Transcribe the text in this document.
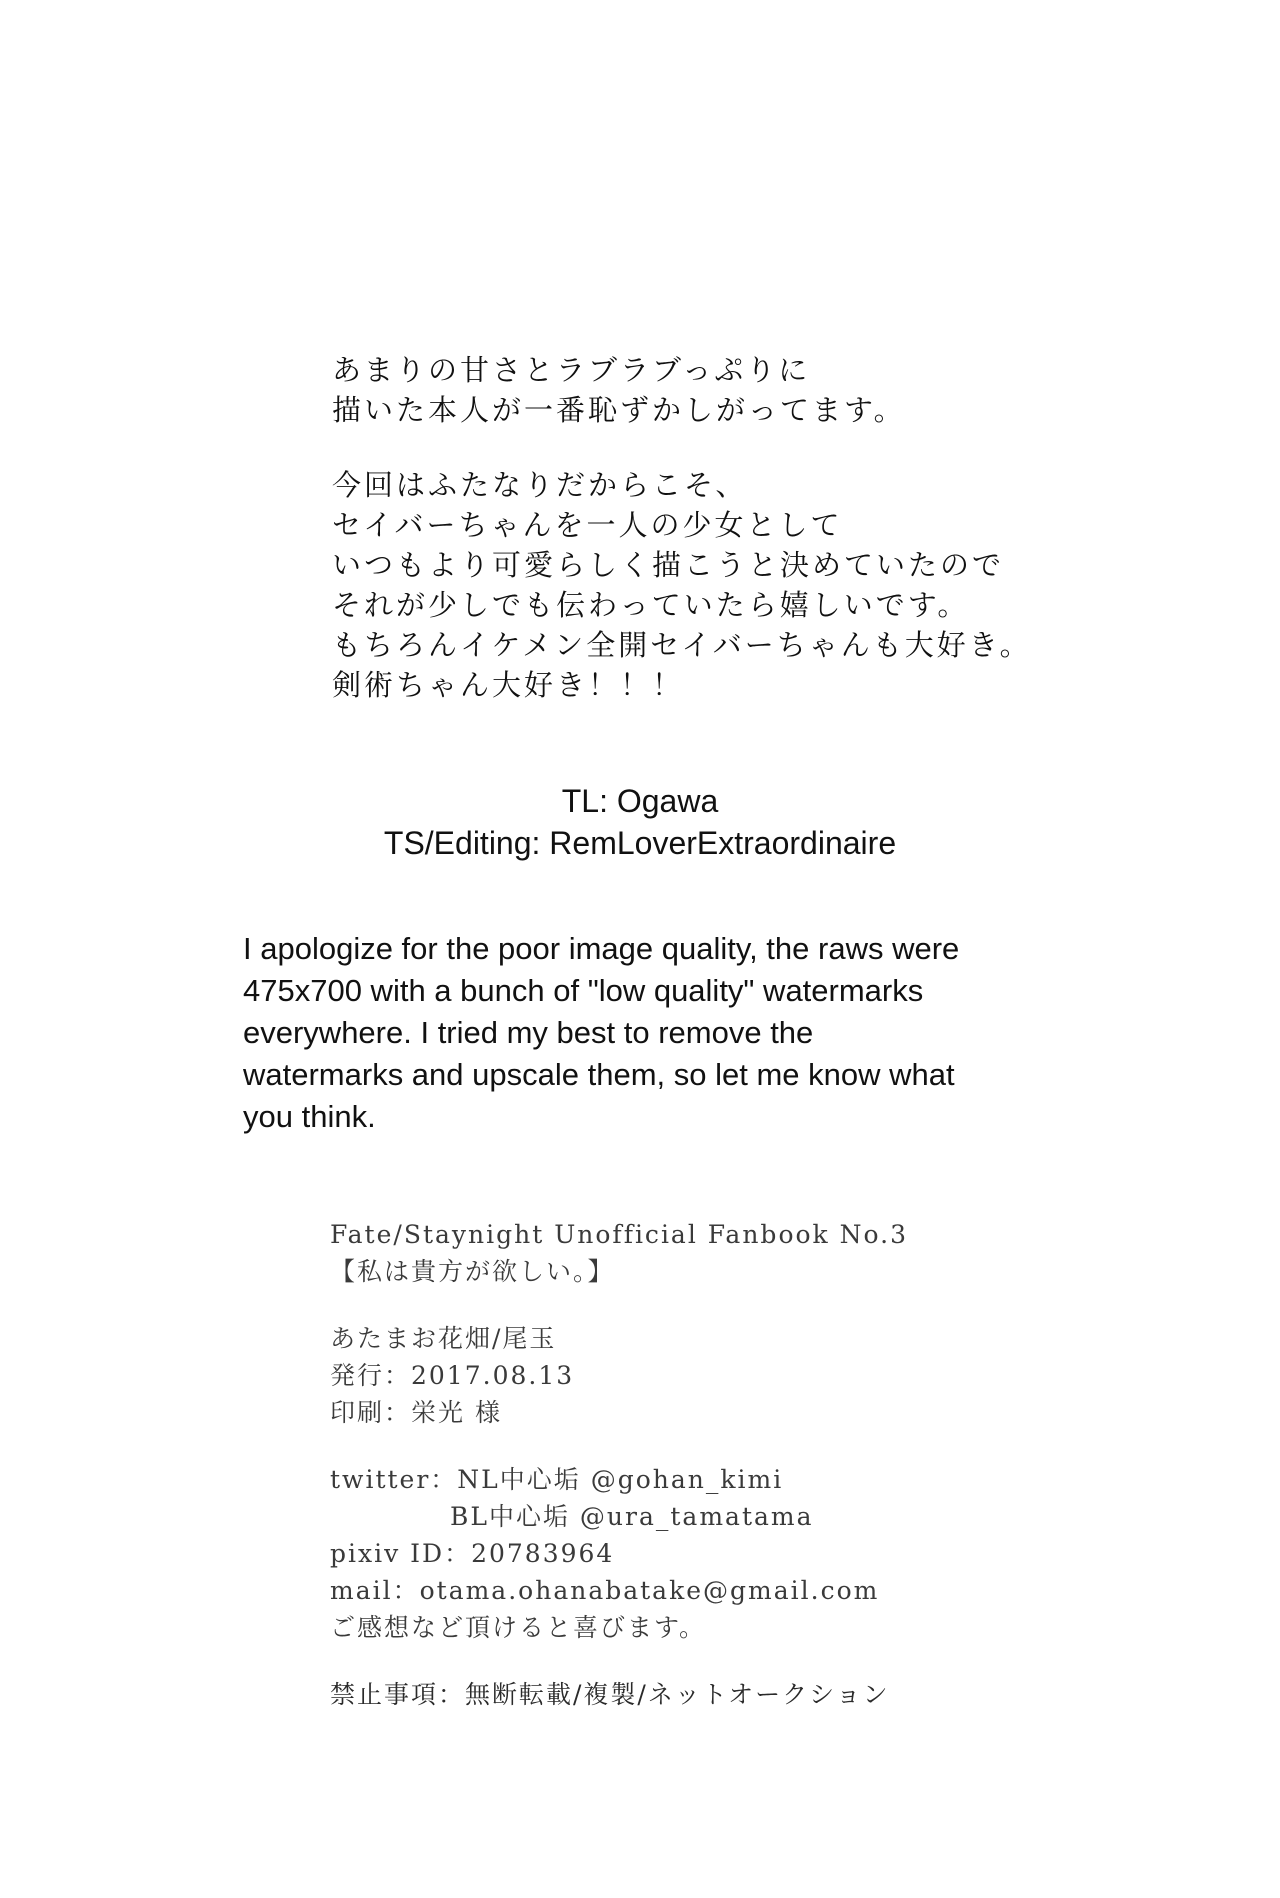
あまりの甘さとラブラブっぷりに
描いた本人が一番恥ずかしがってます。
今回はふたなりだからこそ、
セイバーちゃんを一人の少女として
いつもより可愛らしく描こうと決めていたので
それが少しでも伝わっていたら嬉しいです。
もちろんイケメン全開セイバーちゃんも大好き。
剣術ちゃん大好き！！！
TL: Ogawa
TS/Editing: RemLoverExtraordinaire
I apologize for the poor image quality, the raws were
475x700 with a bunch of "low quality" watermarks
everywhere. I tried my best to remove the
watermarks and upscale them, so let me know what
you think.
Fate/Staynight Unofficial Fanbook No.3
【私は貴方が欲しい。】
あたまお花畑/尾玉
発行：2017.08.13
印刷：栄光 様
twitter：NL中心垢 @gohan_kimi
BL中心垢 @ura_tamatama
pixiv ID：20783964
mail：otama.ohanabatake@gmail.com
ご感想など頂けると喜びます。
禁止事項：無断転載/複製/ネットオークション
